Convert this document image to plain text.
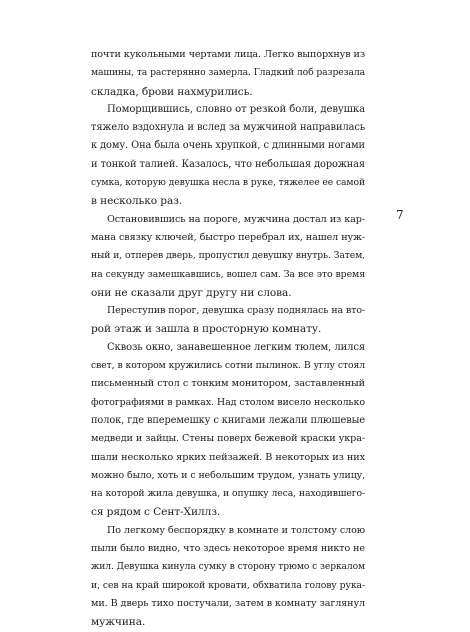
почти кукольными чертами лица. Легко выпорхнув из
машины, та растерянно замерла. Гладкий лоб разрезала
складка, брови нахмурились.

Поморщившись, словно от резкой боли, девушка
тяжело вздохнула и вслед за мужчиной направилась
к дому. Она была очень хрупкой, с длинными ногами
и тонкой талией. Казалось, что небольшая дорожная
сумка, которую девушка несла в руке, тяжелее ее самой
в несколько раз.

Остановившись на пороге, мужчина достал из кар-
мана связку ключей, быстро перебрал их, нашел нуж-
ный и, отперев дверь, пропустил девушку внутрь. Затем,
на секунду замешкавшись, вошел сам. За все это время
они не сказали друг другу ни слова.

Переступив порог, девушка сразу поднялась на вто-
рой этаж и зашла в просторную комнату.

Сквозь окно, занавешенное легким тюлем, лился
свет, в котором кружились сотни пылинок. В углу стоял
письменный стол с тонким монитором, заставленный
фотографиями в рамках. Над столом висело несколько
полок, где вперемешку с книгами лежали плюшевые
медведи и зайцы. Стены поверх бежевой краски укра-
шали несколько ярких пейзажей. В некоторых из них
можно было, хоть и с небольшим трудом, узнать улицу,
на которой жила девушка, и опушку леса, находившего-
ся рядом с Сент-Хиллз.

По легкому беспорядку в комнате и толстому слою
пыли было видно, что здесь некоторое время никто не
жил. Девушка кинула сумку в сторону трюмо с зеркалом
и, сев на край широкой кровати, обхватила голову рука-
ми. В дверь тихо постучали, затем в комнату заглянул
мужчина.

7
